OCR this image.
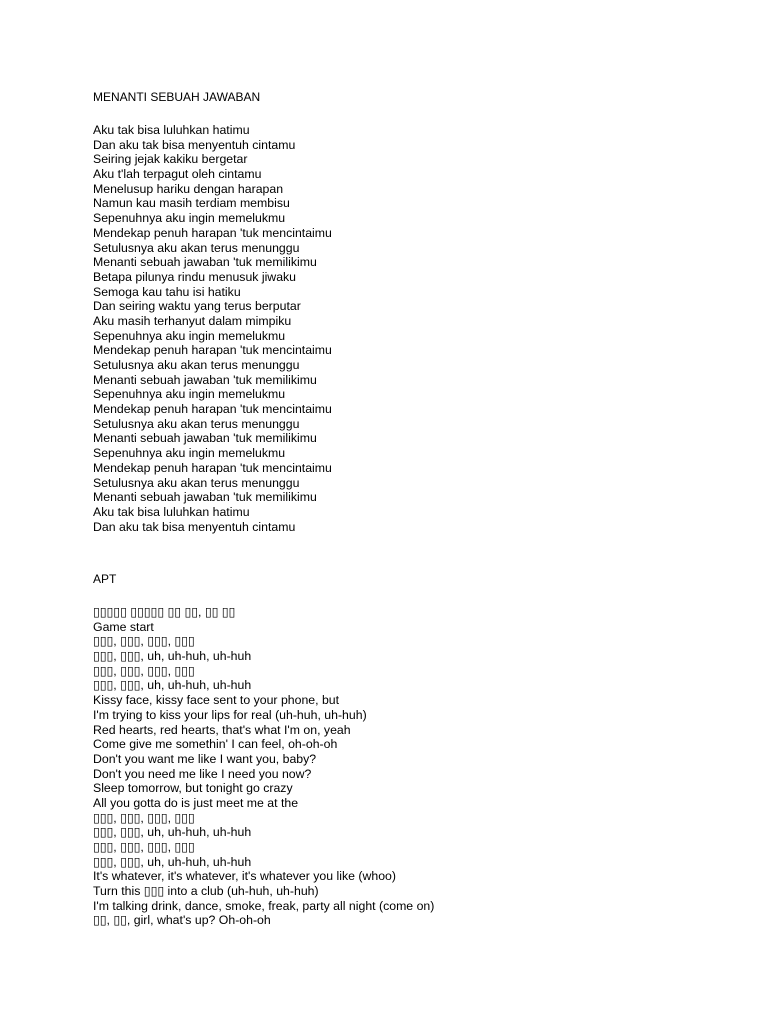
MENANTI SEBUAH JAWABAN
Aku tak bisa luluhkan hatimu
Dan aku tak bisa menyentuh cintamu
Seiring jejak kakiku bergetar
Aku t'lah terpagut oleh cintamu
Menelusup hariku dengan harapan
Namun kau masih terdiam membisu
Sepenuhnya aku ingin memelukmu
Mendekap penuh harapan 'tuk mencintaimu
Setulusnya aku akan terus menunggu
Menanti sebuah jawaban 'tuk memilikimu
Betapa pilunya rindu menusuk jiwaku
Semoga kau tahu isi hatiku
Dan seiring waktu yang terus berputar
Aku masih terhanyut dalam mimpiku
Sepenuhnya aku ingin memelukmu
Mendekap penuh harapan 'tuk mencintaimu
Setulusnya aku akan terus menunggu
Menanti sebuah jawaban 'tuk memilikimu
Sepenuhnya aku ingin memelukmu
Mendekap penuh harapan 'tuk mencintaimu
Setulusnya aku akan terus menunggu
Menanti sebuah jawaban 'tuk memilikimu
Sepenuhnya aku ingin memelukmu
Mendekap penuh harapan 'tuk mencintaimu
Setulusnya aku akan terus menunggu
Menanti sebuah jawaban 'tuk memilikimu
Aku tak bisa luluhkan hatimu
Dan aku tak bisa menyentuh cintamu
APT
▯▯▯▯▯ ▯▯▯▯▯ ▯▯ ▯▯, ▯▯ ▯▯
Game start
▯▯▯, ▯▯▯, ▯▯▯, ▯▯▯
▯▯▯, ▯▯▯, uh, uh-huh, uh-huh
▯▯▯, ▯▯▯, ▯▯▯, ▯▯▯
▯▯▯, ▯▯▯, uh, uh-huh, uh-huh
Kissy face, kissy face sent to your phone, but
I'm trying to kiss your lips for real (uh-huh, uh-huh)
Red hearts, red hearts, that's what I'm on, yeah
Come give me somethin' I can feel, oh-oh-oh
Don't you want me like I want you, baby?
Don't you need me like I need you now?
Sleep tomorrow, but tonight go crazy
All you gotta do is just meet me at the
▯▯▯, ▯▯▯, ▯▯▯, ▯▯▯
▯▯▯, ▯▯▯, uh, uh-huh, uh-huh
▯▯▯, ▯▯▯, ▯▯▯, ▯▯▯
▯▯▯, ▯▯▯, uh, uh-huh, uh-huh
It's whatever, it's whatever, it's whatever you like (whoo)
Turn this ▯▯▯ into a club (uh-huh, uh-huh)
I'm talking drink, dance, smoke, freak, party all night (come on)
▯▯, ▯▯, girl, what's up? Oh-oh-oh
